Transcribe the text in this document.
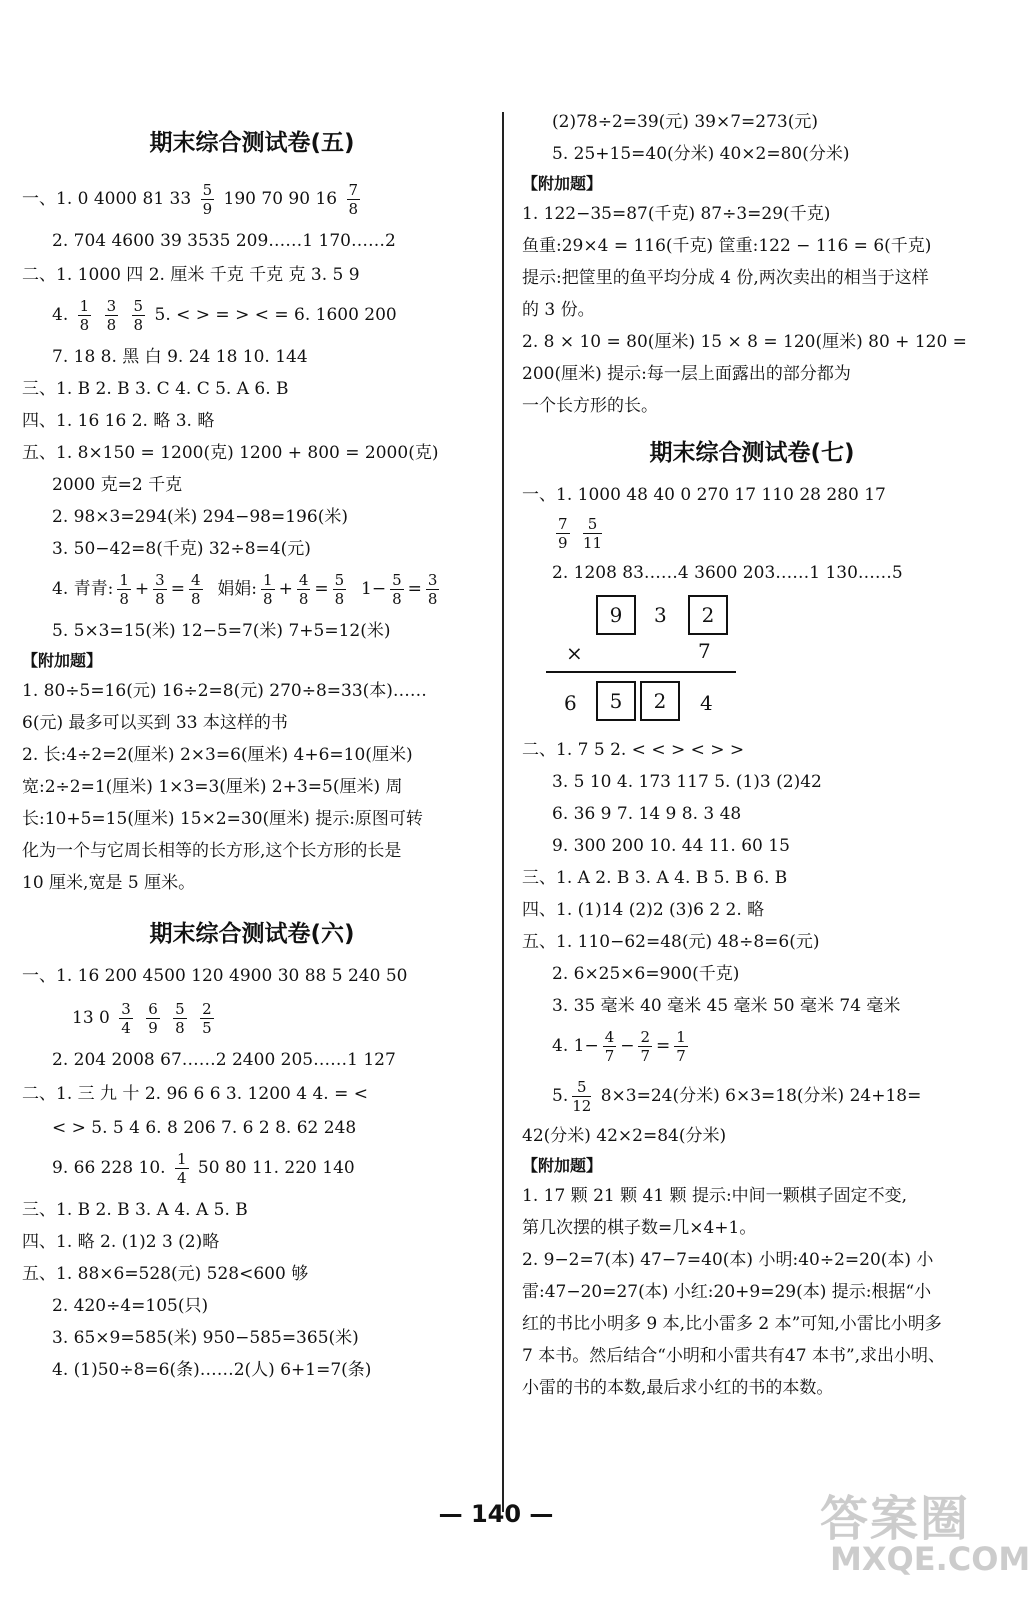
期末综合测试卷(五)
一、1. 0 4000 81 $33 \frac{5}{9} 190$ 70 90 $16 \frac{7}{8}$
2. 704 4600 39 3535 209……1 170……2
二、1. 1000 四 2. 厘米 千克 千克 克 3. 5 9
4. $\frac{1}{8}$
$\frac{3}{8}$
$\frac{5}{8} 5$. < > = > < = 6. 1600 200
7. 18 8. 黑 白 9. 24 18 10. 144
三、1. B 2. B 3. C 4. C 5. A 6. B
四、1. 16 16 2. 略 3. 略
五、1. 8×150 = 1200(克) 1200 + 800 = 2000(克)
2000 克=2 千克
2. 98×3=294(米) 294−98=196(米)
3. 50−42=8(千克) 32÷8=4(元)
4. 青青: $\frac{1}{8} + \frac{3}{8} = \frac{4}{8}$ 娟娟: $\frac{1}{8} + \frac{4}{8} = \frac{5}{8} 1- \frac{5}{8} = \frac{3}{8}$
5. 5×3=15(米) 12−5=7(米) 7+5=12(米)
【附加题】
1. 80÷5=16(元) 16÷2=8(元) 270÷8=33(本)……
6(元) 最多可以买到 33 本这样的书
2. 长:4÷2=2(厘米) 2×3=6(厘米) 4+6=10(厘米)
宽:2÷2=1(厘米) 1×3=3(厘米) 2+3=5(厘米) 周
长:10+5=15(厘米) 15×2=30(厘米) 提示:原图可转
化为一个与它周长相等的长方形,这个长方形的长是
10 厘米,宽是 5 厘米。
期末综合测试卷(六)
一、1. 16 200 4500 120 4900 30 88 5 240 50
13 $0 \frac{3}{4}$
$\frac{6}{9}$
$\frac{5}{8}$
$\frac{2}{5}$
2. 204 2008 67……2 2400 205……1 127
二、1. 三 九 十 2. 96 6 6 3. 1200 4 4. = <
< > 5. 5 4 6. 8 206 7. 6 2 8. 62 248
9. 66 228 10. $\frac{1}{4} 50$ 80 11. 220 140
三、1. B 2. B 3. A 4. A 5. B
四、1. 略 2. (1)2 3 (2)略
五、1. 88×6=528(元) 528<600 够
2. 420÷4=105(只)
3. 65×9=585(米) 950−585=365(米)
4. (1)50÷8=6(条)……2(人) 6+1=7(条)
(2)78÷2=39(元) 39×7=273(元)
5. 25+15=40(分米) 40×2=80(分米)
【附加题】
1. 122−35=87(千克) 87÷3=29(千克)
鱼重:29×4 = 116(千克) 筐重:122 − 116 = 6(千克)
提示:把筐里的鱼平均分成 4 份,两次卖出的相当于这样
的 3 份。
2. 8 × 10 = 80(厘米) 15 × 8 = 120(厘米) 80 + 120 =
200(厘米) 提示:每一层上面露出的部分都为
一个长方形的长。
期末综合测试卷(七)
一、1. 1000 48 40 0 270 17 110 28 280 17
$\frac{7}{9}$
$\frac{5}{11}$
2. 1208 83……4 3600 203……1 130……5
9	3	2
×	7
6	5	2	4
二、1. 7 5 2. < < > < > >
3. 5 10 4. 173 117 5. (1)3 (2)42
6. 36 9 7. 14 9 8. 3 48
9. 300 200 10. 44 11. 60 15
三、1. A 2. B 3. A 4. B 5. B 6. B
四、1. (1)14 (2)2 (3)6 2 2. 略
五、1. 110−62=48(元) 48÷8=6(元)
2. 6×25×6=900(千克)
3. 35 毫米 40 毫米 45 毫米 50 毫米 74 毫米
4. $1- \frac{4}{7} - \frac{2}{7} = \frac{1}{7}$
5. $\frac{5}{12} 8\times 3=24$(分米) 6×3=18(分米) 24+18=
42(分米) 42×2=84(分米)
【附加题】
1. 17 颗 21 颗 41 颗 提示:中间一颗棋子固定不变,
第几次摆的棋子数=几×4+1。
2. 9−2=7(本) 47−7=40(本) 小明:40÷2=20(本) 小
雷:47−20=27(本) 小红:20+9=29(本) 提示:根据“小
红的书比小明多 9 本,比小雷多 2 本”可知,小雷比小明多
7 本书。然后结合“小明和小雷共有47 本书”,求出小明、
小雷的书的本数,最后求小红的书的本数。
— 140 —	答案圈
MXQE.COM
